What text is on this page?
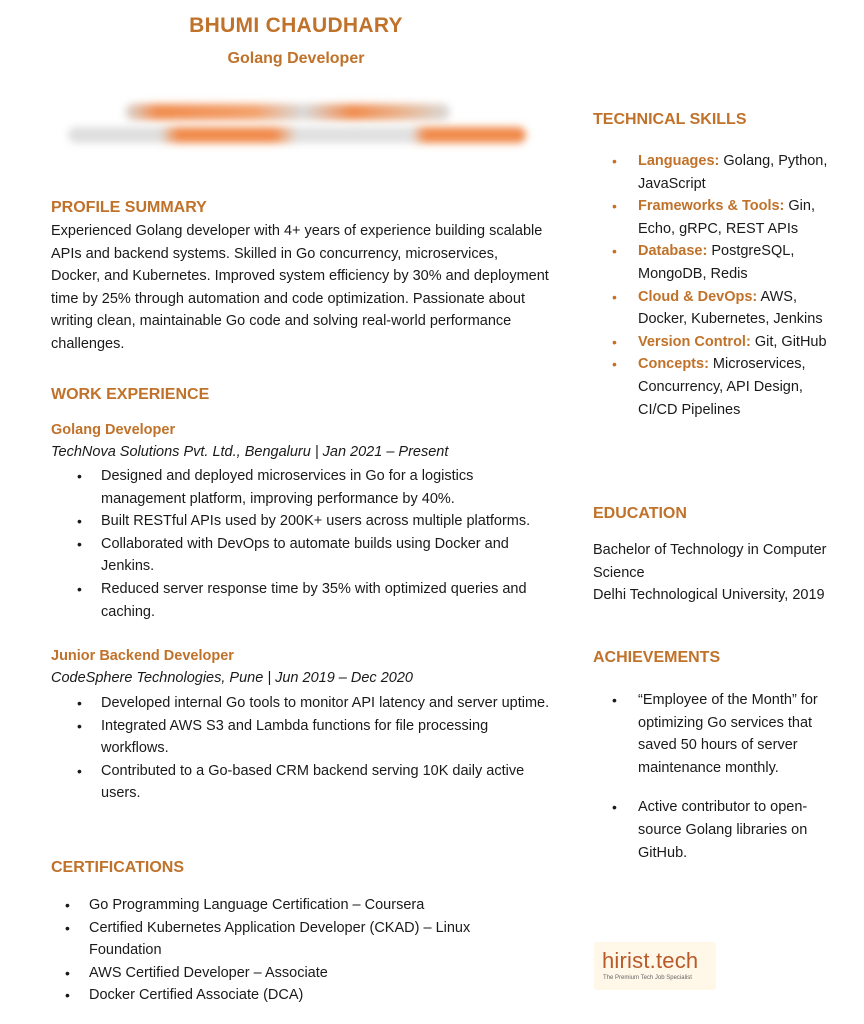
BHUMI CHAUDHARY
Golang Developer
PROFILE SUMMARY

Experienced Golang developer with 4+ years of experience building scalable APIs and backend systems. Skilled in Go concurrency, microservices, Docker, and Kubernetes. Improved system efficiency by 30% and deployment time by 25% through automation and code optimization. Passionate about writing clean, maintainable Go code and solving real-world performance challenges.

WORK EXPERIENCE
Golang Developer
TechNova Solutions Pvt. Ltd., Bengaluru | Jan 2021 – Present
• Designed and deployed microservices in Go for a logistics management platform, improving performance by 40%.
• Built RESTful APIs used by 200K+ users across multiple platforms.
• Collaborated with DevOps to automate builds using Docker and Jenkins.
• Reduced server response time by 35% with optimized queries and caching.
Junior Backend Developer
CodeSphere Technologies, Pune | Jun 2019 – Dec 2020
• Developed internal Go tools to monitor API latency and server uptime.
• Integrated AWS S3 and Lambda functions for file processing workflows.
• Contributed to a Go-based CRM backend serving 10K daily active users.
CERTIFICATIONS
• Go Programming Language Certification – Coursera
• Certified Kubernetes Application Developer (CKAD) – Linux Foundation
• AWS Certified Developer – Associate
• Docker Certified Associate (DCA)
TECHNICAL SKILLS
• Languages: Golang, Python, JavaScript
• Frameworks & Tools: Gin, Echo, gRPC, REST APIs
• Database: PostgreSQL, MongoDB, Redis
• Cloud & DevOps: AWS, Docker, Kubernetes, Jenkins
• Version Control: Git, GitHub
• Concepts: Microservices, Concurrency, API Design, CI/CD Pipelines
EDUCATION

Bachelor of Technology in Computer Science

Delhi Technological University, 2019

ACHIEVEMENTS
• “Employee of the Month” for optimizing Go services that saved 50 hours of server maintenance monthly.
• Active contributor to open-source Golang libraries on GitHub.
hirist.tech
The Premium Tech Job Specialist
